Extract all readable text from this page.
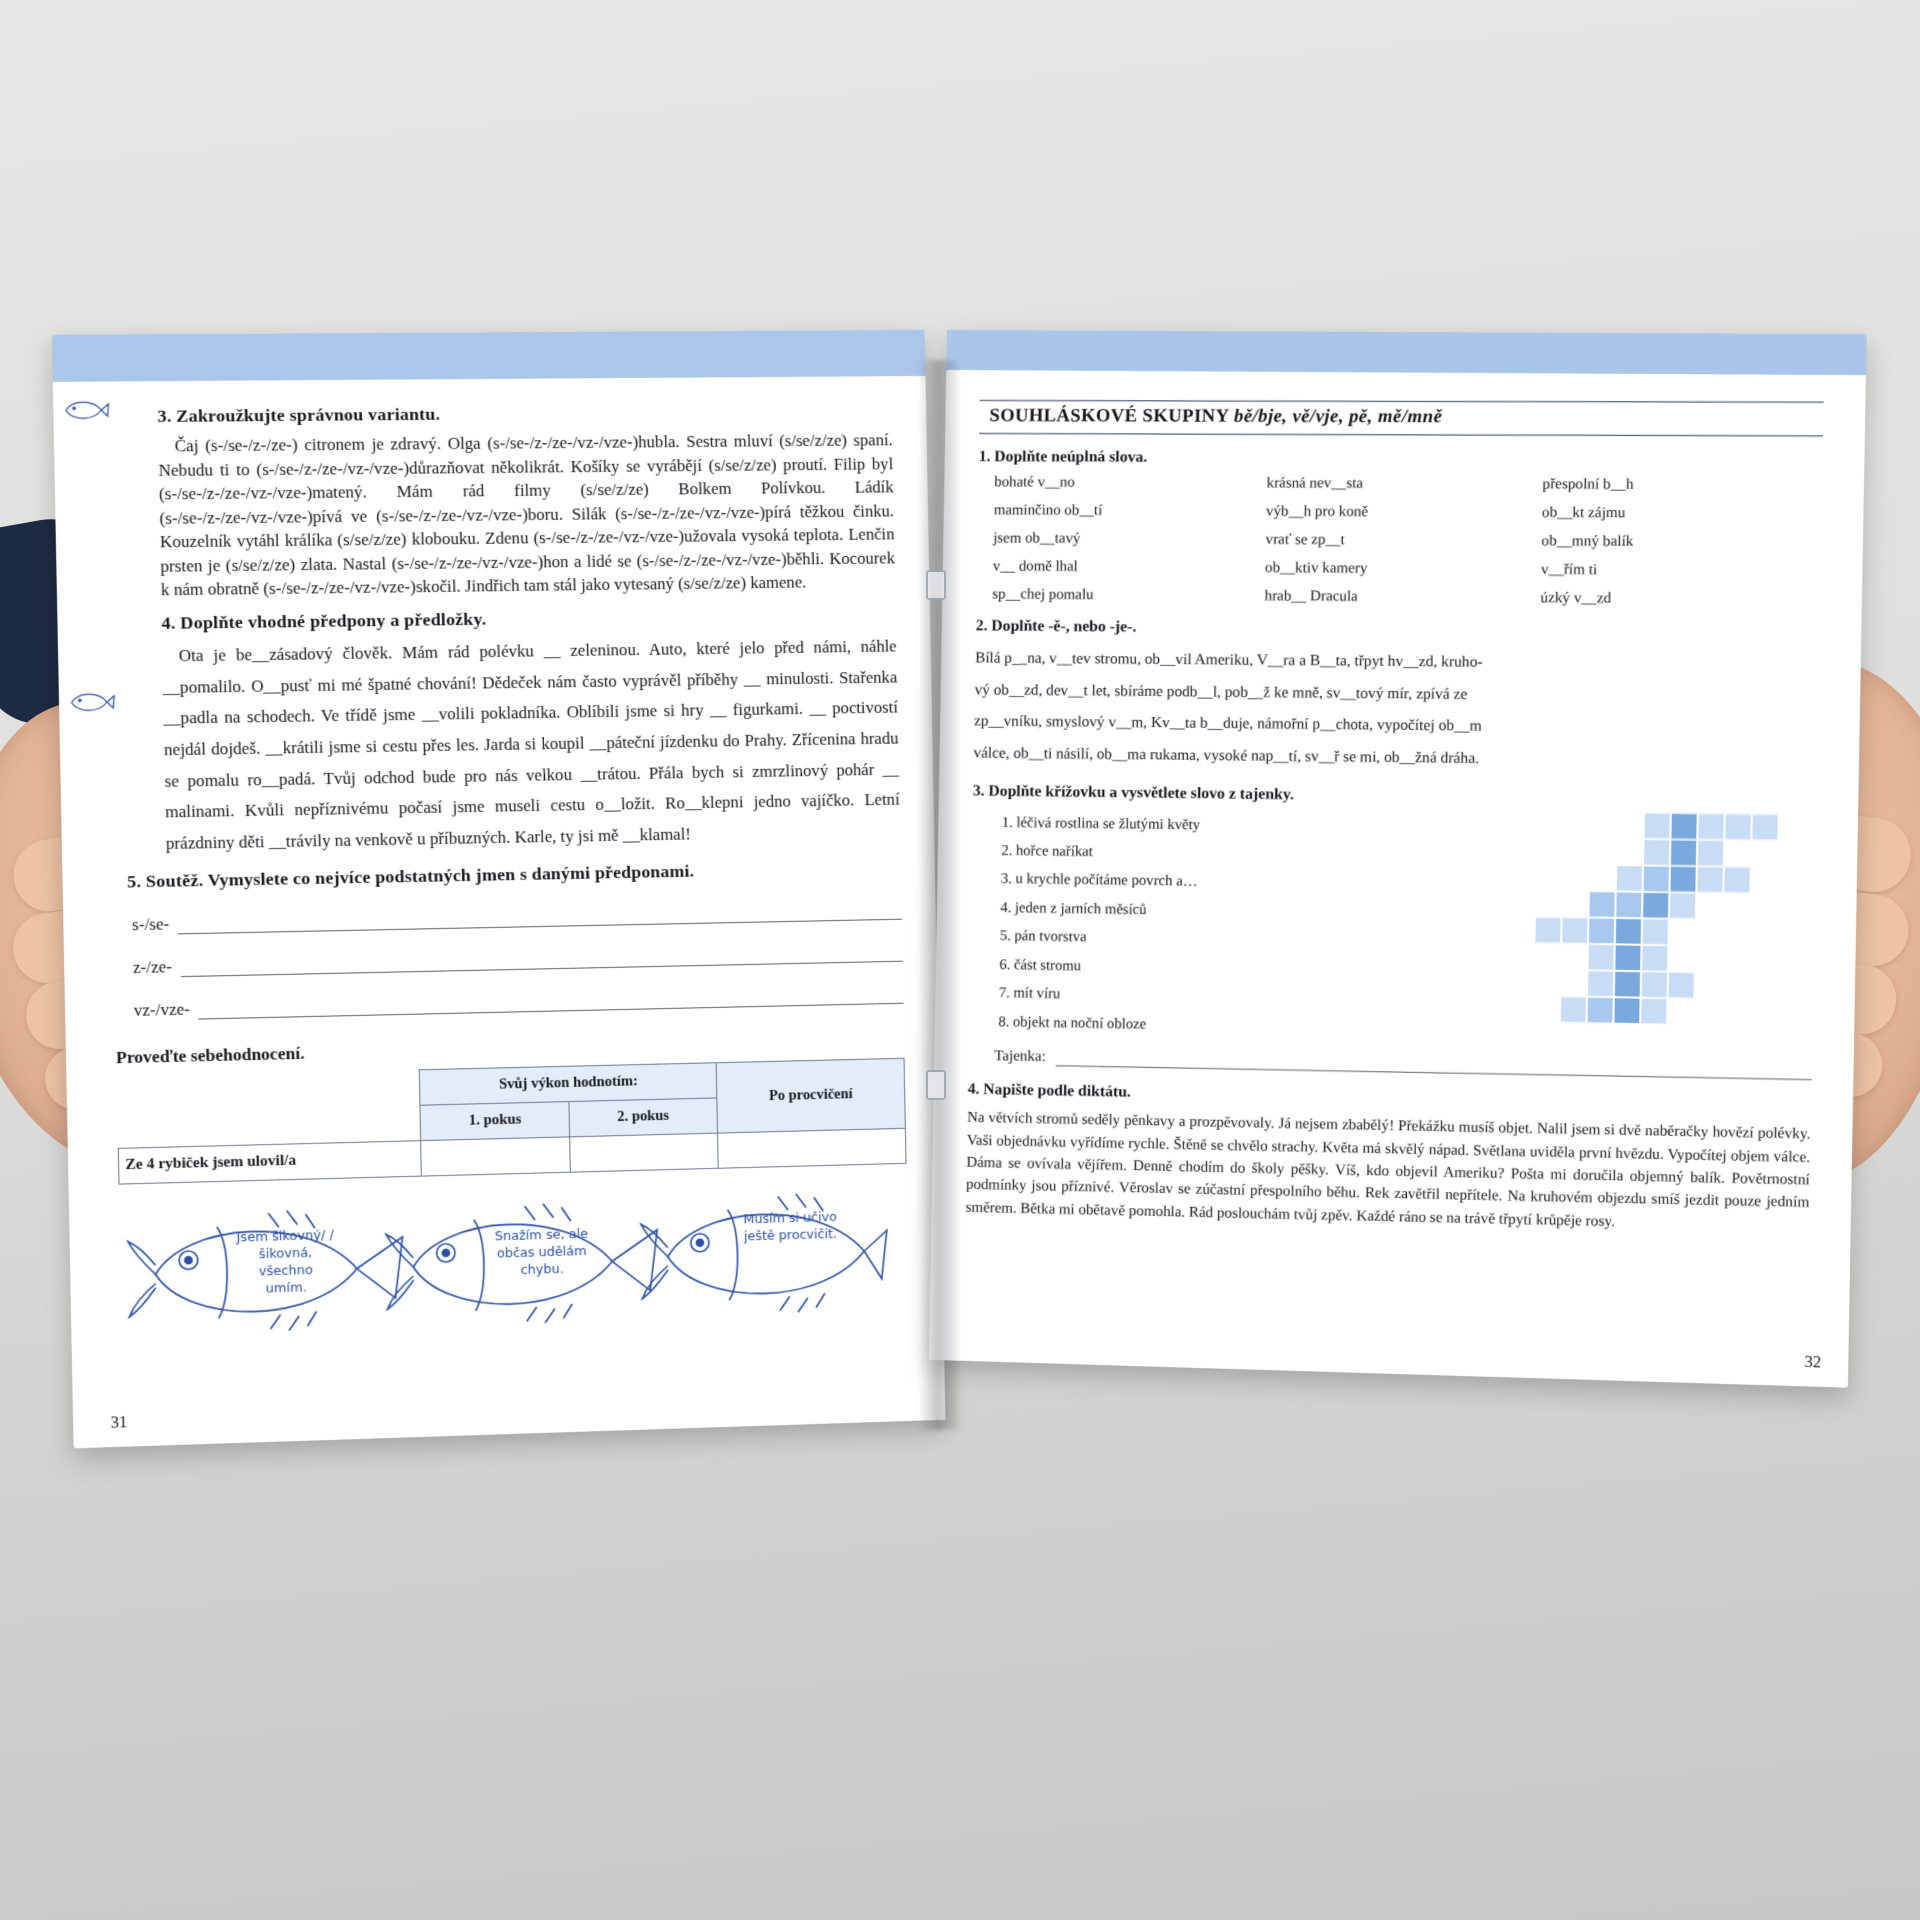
3. Zakroužkujte správnou variantu.

Čaj (s-/se-/z-/ze-) citronem je zdravý. Olga (s-/se-/z-/ze-/vz-/vze-)hubla. Sestra mluví (s/se/z/ze) spaní. Nebudu ti to (s-/se-/z-/ze-/vz-/vze-)důrazňovat několikrát. Košíky se vyrábějí (s/se/z/ze) proutí. Filip byl (s-/se-/z-/ze-/vz-/vze-)matený. Mám rád filmy (s/se/z/ze) Bolkem Polívkou. Ládík (s-/se-/z-/ze-/vz-/vze-)pívá ve (s-/se-/z-/ze-/vz-/vze-)boru. Silák (s-/se-/z-/ze-/vz-/vze-)pírá těžkou činku. Kouzelník vytáhl králíka (s/se/z/ze) klobouku. Zdenu (s-/se-/z-/ze-/vz-/vze-)užovala vysoká teplota. Lenčin prsten je (s/se/z/ze) zlata. Nastal (s-/se-/z-/ze-/vz-/vze-)hon a lidé se (s-/se-/z-/ze-/vz-/vze-)běhli. Kocourek k nám obratně (s-/se-/z-/ze-/vz-/vze-)skočil. Jindřich tam stál jako vytesaný (s/se/z/ze) kamene.

4. Doplňte vhodné předpony a předložky.

Ota je be__zásadový člověk. Mám rád polévku __ zeleninou. Auto, které jelo před námi, náhle __pomalilo. O__pusť mi mé špatné chování! Dědeček nám často vyprávěl příběhy __ minulosti. Stařenka __padla na schodech. Ve třídě jsme __volili pokladníka. Oblíbili jsme si hry __ figurkami. __ poctivostí nejdál dojdeš. __krátili jsme si cestu přes les. Jarda si koupil __páteční jízdenku do Prahy. Zřícenina hradu se pomalu ro__padá. Tvůj odchod bude pro nás velkou __trátou. Přála bych si zmrzlinový pohár __ malinami. Kvůli nepříznivému počasí jsme museli cestu o__ložit. Ro__klepni jedno vajíčko. Letní prázdniny děti __trávily na venkově u příbuzných. Karle, ty jsi mě __klamal!

5. Soutěž. Vymyslete co nejvíce podstatných jmen s danými předponami.
s-/se-
z-/ze-
vz-/vze-
Proveďte sebehodnocení.
	Svůj výkon hodnotím:		Po procvičení
	1. pokus	2. pokus	
Ze 4 rybiček jsem ulovil/a			
Jsem šikovný/ /šikovná, všechno umím.
Snažím se, ale občas udělám chybu.
Musím si učivo ještě procvičit.
31
SOUHLÁSKOVÉ SKUPINY bě/bje, vě/vje, pě, mě/mně
1. Doplňte neúplná slova.
bohaté v__no	krásná nev__sta	přespolní b__h
maminčino ob__tí	výb__h pro koně	ob__kt zájmu
jsem ob__tavý	vrať se zp__t	ob__mný balík
v__ domě lhal	ob__ktiv kamery	v__řím ti
sp__chej pomalu	hrab__ Dracula	úzký v__zd
2. Doplňte -ě-, nebo -je-.

Bílá p__na, v__tev stromu, ob__vil Ameriku, V__ra a B__ta, třpyt hv__zd, kruho-

vý ob__zd, dev__t let, sbíráme podb__l, pob__ž ke mně, sv__tový mír, zpívá ze

zp__vníku, smyslový v__m, Kv__ta b__duje, námořní p__chota, vypočítej ob__m

válce, ob__ti násilí, ob__ma rukama, vysoké nap__tí, sv__ř se mi, ob__žná dráha.

3. Doplňte křížovku a vysvětlete slovo z tajenky.
1. léčivá rostlina se žlutými květy
2. hořce naříkat
3. u krychle počítáme povrch a…
4. jeden z jarních měsíců
5. pán tvorstva
6. část stromu
7. mít víru
8. objekt na noční obloze
Tajenka:
4. Napište podle diktátu.

Na větvích stromů seděly pěnkavy a prozpěvovaly. Já nejsem zbabělý! Překážku musíš objet. Nalil jsem si dvě naběračky hovězí polévky. Vaši objednávku vyřídíme rychle. Štěně se chvělo strachy. Květa má skvělý nápad. Světlana uviděla první hvězdu. Vypočítej objem válce. Dáma se ovívala vějířem. Denně chodím do školy pěšky. Víš, kdo objevil Ameriku? Pošta mi doručila objemný balík. Povětrnostní podmínky jsou příznivé. Věroslav se zúčastní přespolního běhu. Rek zavětřil nepřítele. Na kruhovém objezdu smíš jezdit pouze jedním směrem. Bětka mi obětavě pomohla. Rád poslouchám tvůj zpěv. Každé ráno se na trávě třpytí krůpěje rosy.

32
